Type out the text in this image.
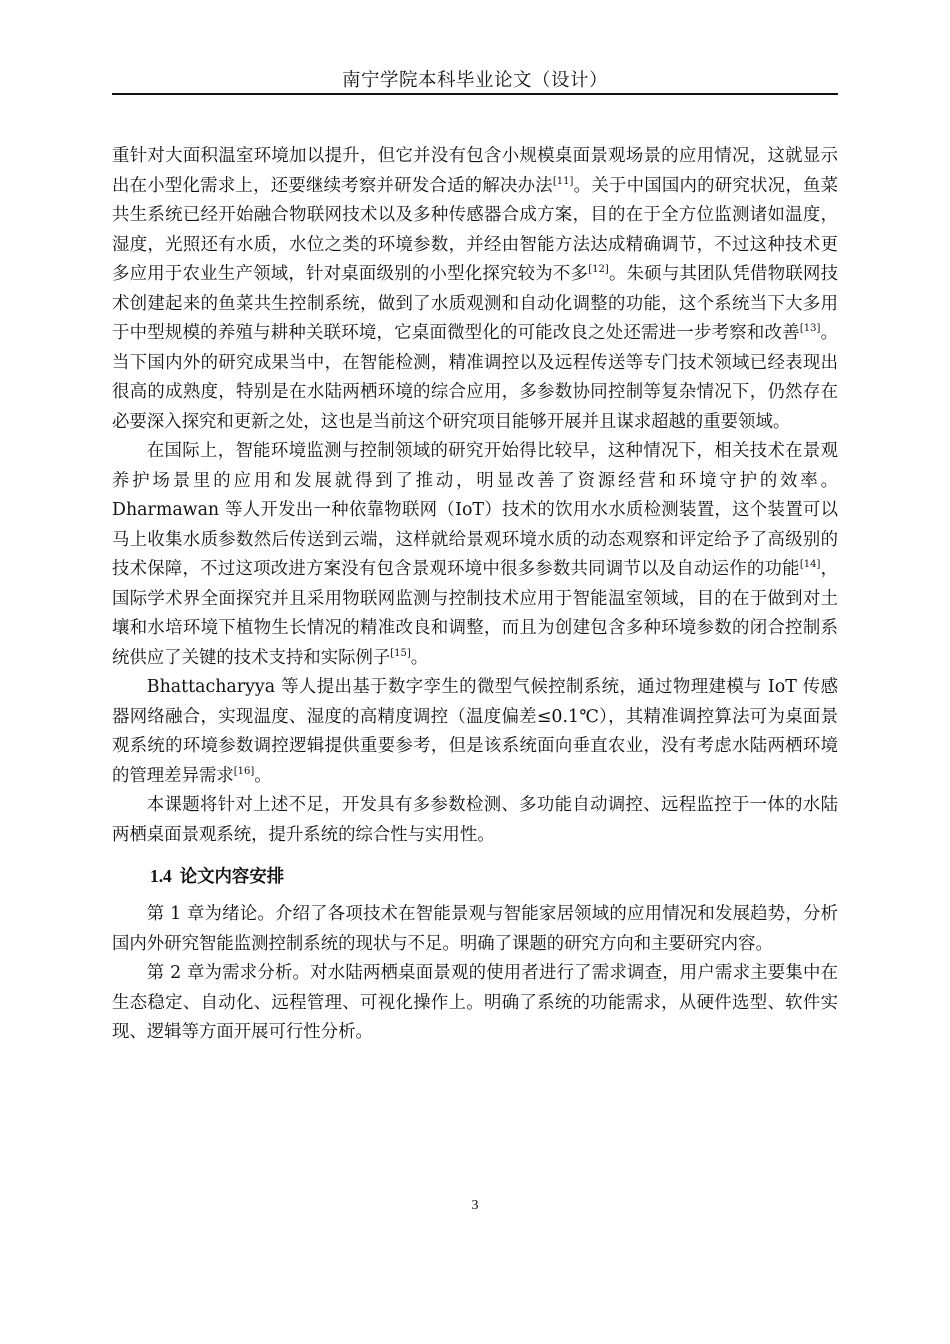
南宁学院本科毕业论文（设计）

重针对大面积温室环境加以提升，但它并没有包含小规模桌面景观场景的应用情况，这就显示出在小型化需求上，还要继续考察并研发合适的解决办法[11]。关于中国国内的研究状况，鱼菜共生系统已经开始融合物联网技术以及多种传感器合成方案，目的在于全方位监测诸如温度，湿度，光照还有水质，水位之类的环境参数，并经由智能方法达成精确调节，不过这种技术更多应用于农业生产领域，针对桌面级别的小型化探究较为不多[12]。朱硕与其团队凭借物联网技术创建起来的鱼菜共生控制系统，做到了水质观测和自动化调整的功能，这个系统当下大多用于中型规模的养殖与耕种关联环境，它桌面微型化的可能改良之处还需进一步考察和改善[13]。当下国内外的研究成果当中，在智能检测，精准调控以及远程传送等专门技术领域已经表现出很高的成熟度，特别是在水陆两栖环境的综合应用，多参数协同控制等复杂情况下，仍然存在必要深入探究和更新之处，这也是当前这个研究项目能够开展并且谋求超越的重要领域。

在国际上，智能环境监测与控制领域的研究开始得比较早，这种情况下，相关技术在景观养护场景里的应用和发展就得到了推动，明显改善了资源经营和环境守护的效率。Dharmawan 等人开发出一种依靠物联网（IoT）技术的饮用水水质检测装置，这个装置可以马上收集水质参数然后传送到云端，这样就给景观环境水质的动态观察和评定给予了高级别的技术保障，不过这项改进方案没有包含景观环境中很多参数共同调节以及自动运作的功能[14]，国际学术界全面探究并且采用物联网监测与控制技术应用于智能温室领域，目的在于做到对土壤和水培环境下植物生长情况的精准改良和调整，而且为创建包含多种环境参数的闭合控制系统供应了关键的技术支持和实际例子[15]。

Bhattacharyya 等人提出基于数字孪生的微型气候控制系统，通过物理建模与 IoT 传感器网络融合，实现温度、湿度的高精度调控（温度偏差≤0.1℃），其精准调控算法可为桌面景观系统的环境参数调控逻辑提供重要参考，但是该系统面向垂直农业，没有考虑水陆两栖环境的管理差异需求[16]。

本课题将针对上述不足，开发具有多参数检测、多功能自动调控、远程监控于一体的水陆两栖桌面景观系统，提升系统的综合性与实用性。

1.4 论文内容安排

第 1 章为绪论。介绍了各项技术在智能景观与智能家居领域的应用情况和发展趋势，分析国内外研究智能监测控制系统的现状与不足。明确了课题的研究方向和主要研究内容。

第 2 章为需求分析。对水陆两栖桌面景观的使用者进行了需求调查，用户需求主要集中在生态稳定、自动化、远程管理、可视化操作上。明确了系统的功能需求，从硬件选型、软件实现、逻辑等方面开展可行性分析。

3
